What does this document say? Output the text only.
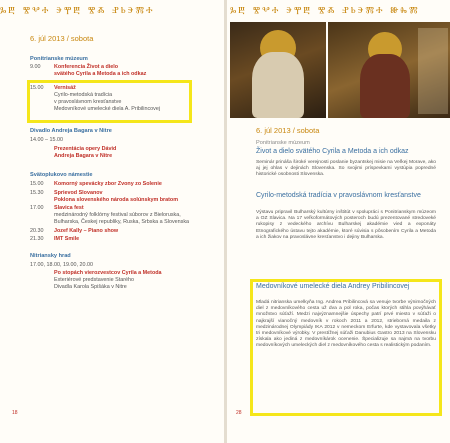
ⰳⰱ ⰺⰲⰰ ⰵⰹⰱ ⰺⰶ ⱀⱃⰵⰿⰰ	ⰳⰱ ⰺⰲⰰ ⰵⰹⰱ ⰺⰶ ⱀⱃⰵⰿⰰ ⱆⰸⰿ
6. júl 2013 / sobota
Ponitrianske múzeum
9.00	Konferencia Život a dielo
svätého Cyrila a Metoda a ich odkaz
15.00 Vernisáž
Cyrilo-metodská tradícia
v pravoslávnom kresťanstve
Medovníkové umelecké diela A. Pribilincovej
Divadlo Andreja Bagara v Nitre
14.00 – 15.00
Prezentácia opery Dávid
Andreja Bagara v Nitre
Svätoplukovo námestie
15.00 Komorný spevácky zbor Zvony zo Solenie
15.30 Sprievod Slovanov
Poklona slovenského národa solúnskym bratom
17.00 Slavica fest
medzinárodný folklórny festival súborov z Bieloruska,
Bulharska, Českej republiky, Ruska, Srbska a Slovenska
20.30 Jozef Kally – Piano show
21.30 IMT Smile
Nitriansky hrad
17.00, 18.00, 19.00, 20.00
Po stopách vierozvestcov Cyrila a Metoda
Exteriérové predstavenie Starého
Divadla Karola Spišáka v Nitre
18
6. júl 2013 / sobota
Ponitrianske múzeum
Život a dielo svätého Cyrila a Metoda a ich odkaz
Seminár prináša široké verejnosti poslanie byzantskej misie na Veľkej Morave, ako aj jej ohlas v dejinách Slovenska. So svojimi príspevkami vystúpia popredné historické osobnosti Slovenska.
Cyrilo-metodská tradícia v pravoslávnom kresťanstve
Výstavu pripravil Bulharský kultúrny inštitút v spolupráci s Ponitrianskym múzeom a OZ Slavica. Na 17 veľkoformátových posteroch budú prezentované stredoveké rukopisy z vedeckého archívu Bulharskej akadémie vied a exponáty Etnografického ústavu tejto akadémie, ktoré súvisia s pôsobením Cyrila a Metoda a ich žiakov na pravoslávne kresťanstvo i dejiny Bulharska.
Medovníkové umelecké diela Andrey Pribilincovej
Mladá nitrianska umelkyňa Ing. Andrea Pribilincová sa venuje tvorbe výnimočných diel z medovníkového cesta už dva a pol roka, počas ktorých stihla povýhávať množstvo súťaží. Medzi najvýznamnejšie úspechy patrí prvé miesto v súťaži o najkrajší vianočný medovník v rokoch 2011 a 2012, strieborná medaila z medzinárodnej Olympiády IKA 2012 v nemeckom Erfurte, kde vystavovala všetky tri medovníkové výrobky. V prestížnej súťaži Danubius Gastro 2013 na Slovensku získala ako jediná z medovníkárok ocenenie. Špecializuje sa najmä na tvorbu medovníkových umeleckých diel z medovníkového cesta s realistickým podaním.
28
